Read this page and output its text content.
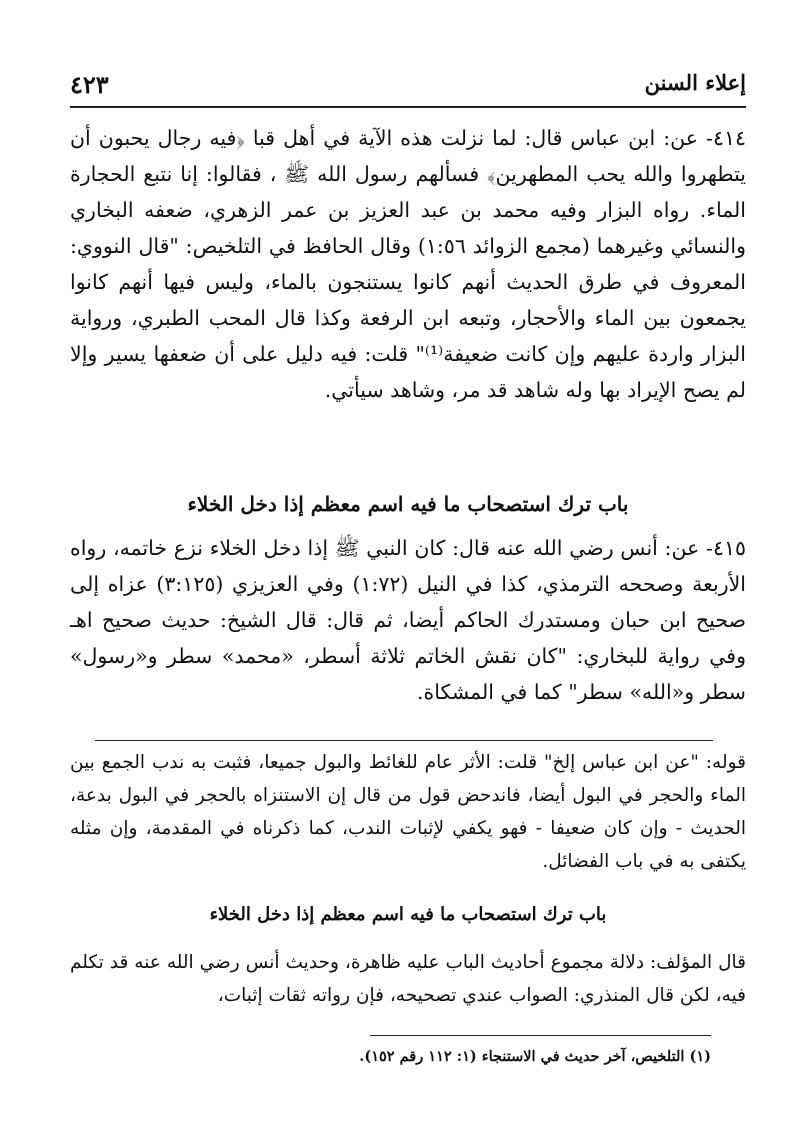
إعلاء السنن
٤٢٣

٤١٤- عن: ابن عباس قال: لما نزلت هذه الآية في أهل قبا ﴿فيه رجال يحبون أن يتطهروا والله يحب المطهرين﴾ فسألهم رسول الله ﷺ ، فقالوا: إنا نتبع الحجارة الماء. رواه البزار وفيه محمد بن عبد العزيز بن عمر الزهري، ضعفه البخاري والنسائي وغيرهما (مجمع الزوائد ١:٥٦) وقال الحافظ في التلخيص: "قال النووي: المعروف في طرق الحديث أنهم كانوا يستنجون بالماء، وليس فيها أنهم كانوا يجمعون بين الماء والأحجار، وتبعه ابن الرفعة وكذا قال المحب الطبري، ورواية البزار واردة عليهم وإن كانت ضعيفة⁽¹⁾" قلت: فيه دليل على أن ضعفها يسير وإلا لم يصح الإيراد بها وله شاهد قد مر، وشاهد سيأتي.

باب ترك استصحاب ما فيه اسم معظم إذا دخل الخلاء

٤١٥- عن: أنس رضي الله عنه قال: كان النبي ﷺ إذا دخل الخلاء نزع خاتمه، رواه الأربعة وصححه الترمذي، كذا في النيل (١:٧٢) وفي العزيزي (٣:١٢٥) عزاه إلى صحيح ابن حبان ومستدرك الحاكم أيضا، ثم قال: قال الشيخ: حديث صحيح اهـ وفي رواية للبخاري: "كان نقش الخاتم ثلاثة أسطر، «محمد» سطر و«رسول» سطر و«الله» سطر" كما في المشكاة.

قوله: "عن ابن عباس إلخ" قلت: الأثر عام للغائط والبول جميعا، فثبت به ندب الجمع بين الماء والحجر في البول أيضا، فاندحض قول من قال إن الاستنزاه بالحجر في البول بدعة، الحديث - وإن كان ضعيفا - فهو يكفي لإثبات الندب، كما ذكرناه في المقدمة، وإن مثله يكتفى به في باب الفضائل.

باب ترك استصحاب ما فيه اسم معظم إذا دخل الخلاء

قال المؤلف: دلالة مجموع أحاديث الباب عليه ظاهرة، وحديث أنس رضي الله عنه قد تكلم فيه، لكن قال المنذري: الصواب عندي تصحيحه، فإن رواته ثقات إثبات،

(١) التلخيص، آخر حديث في الاستنجاء (١: ١١٢ رقم ١٥٢).
